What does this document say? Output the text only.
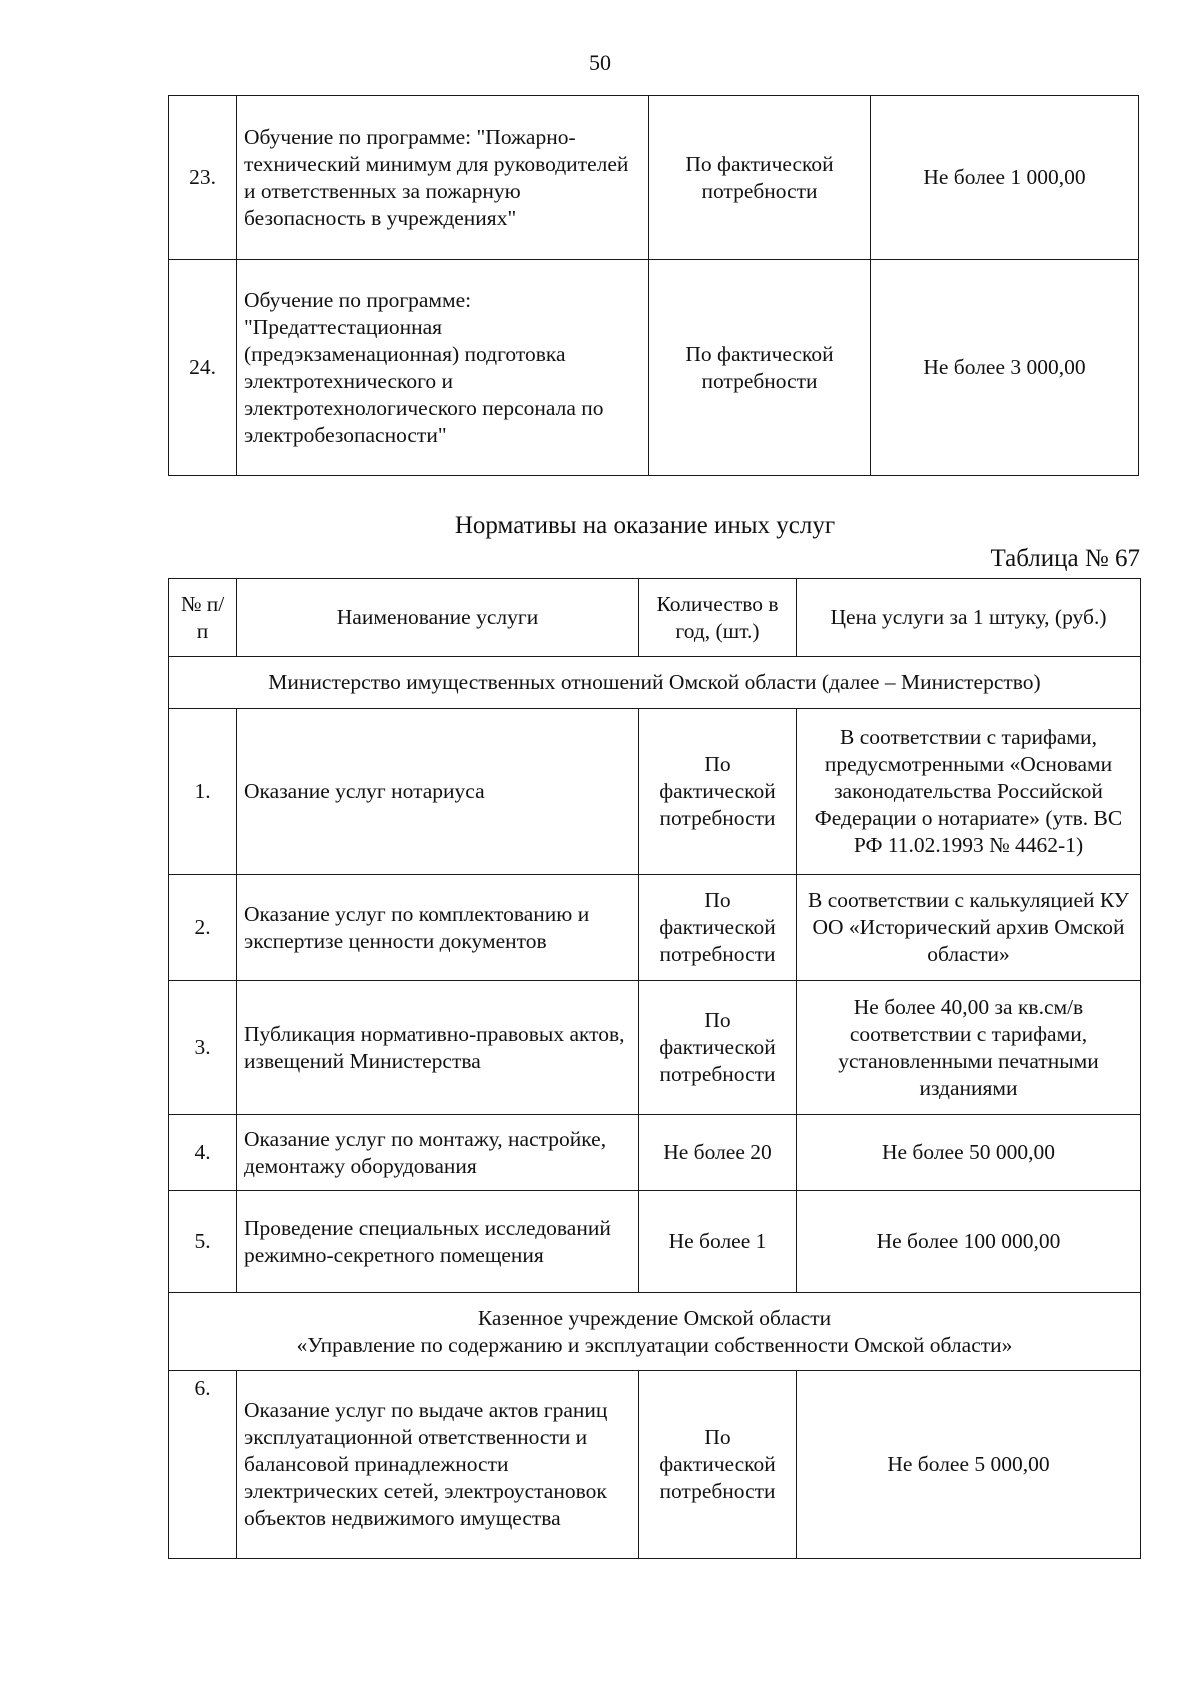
50
23.	Обучение по программе: "Пожарно-технический минимум для руководителей и ответственных за пожарную безопасность в учреждениях"	По фактической потребности	Не более 1 000,00
24.	Обучение по программе: "Предаттестационная (предэкзаменационная) подготовка электротехнического и электротехнологического персонала по электробезопасности"	По фактической потребности	Не более 3 000,00
Нормативы на оказание иных услуг
Таблица № 67
№ п/п	Наименование услуги	Количество в год, (шт.)	Цена услуги за 1 штуку, (руб.)

Министерство имущественных отношений Омской области (далее – Министерство)			

1.	Оказание услуг нотариуса	По фактической потребности	В соответствии с тарифами, предусмотренными «Основами законодательства Российской Федерации о нотариате» (утв. ВС РФ 11.02.1993 № 4462-1)
2.	Оказание услуг по комплектованию и экспертизе ценности документов	По фактической потребности	В соответствии с калькуляцией КУ ОО «Исторический архив Омской области»
3.	Публикация нормативно-правовых актов, извещений Министерства	По фактической потребности	Не более 40,00 за кв.см/в соответствии с тарифами, установленными печатными изданиями
4.	Оказание услуг по монтажу, настройке, демонтажу оборудования	Не более 20	Не более 50 000,00
5.	Проведение специальных исследований режимно-секретного помещения	Не более 1	Не более 100 000,00

Казенное учреждение Омской области
«Управление по содержанию и эксплуатации собственности Омской области»			

6.	Оказание услуг по выдаче актов границ эксплуатационной ответственности и балансовой принадлежности электрических сетей, электроустановок объектов недвижимого имущества	По фактической потребности	Не более 5 000,00
